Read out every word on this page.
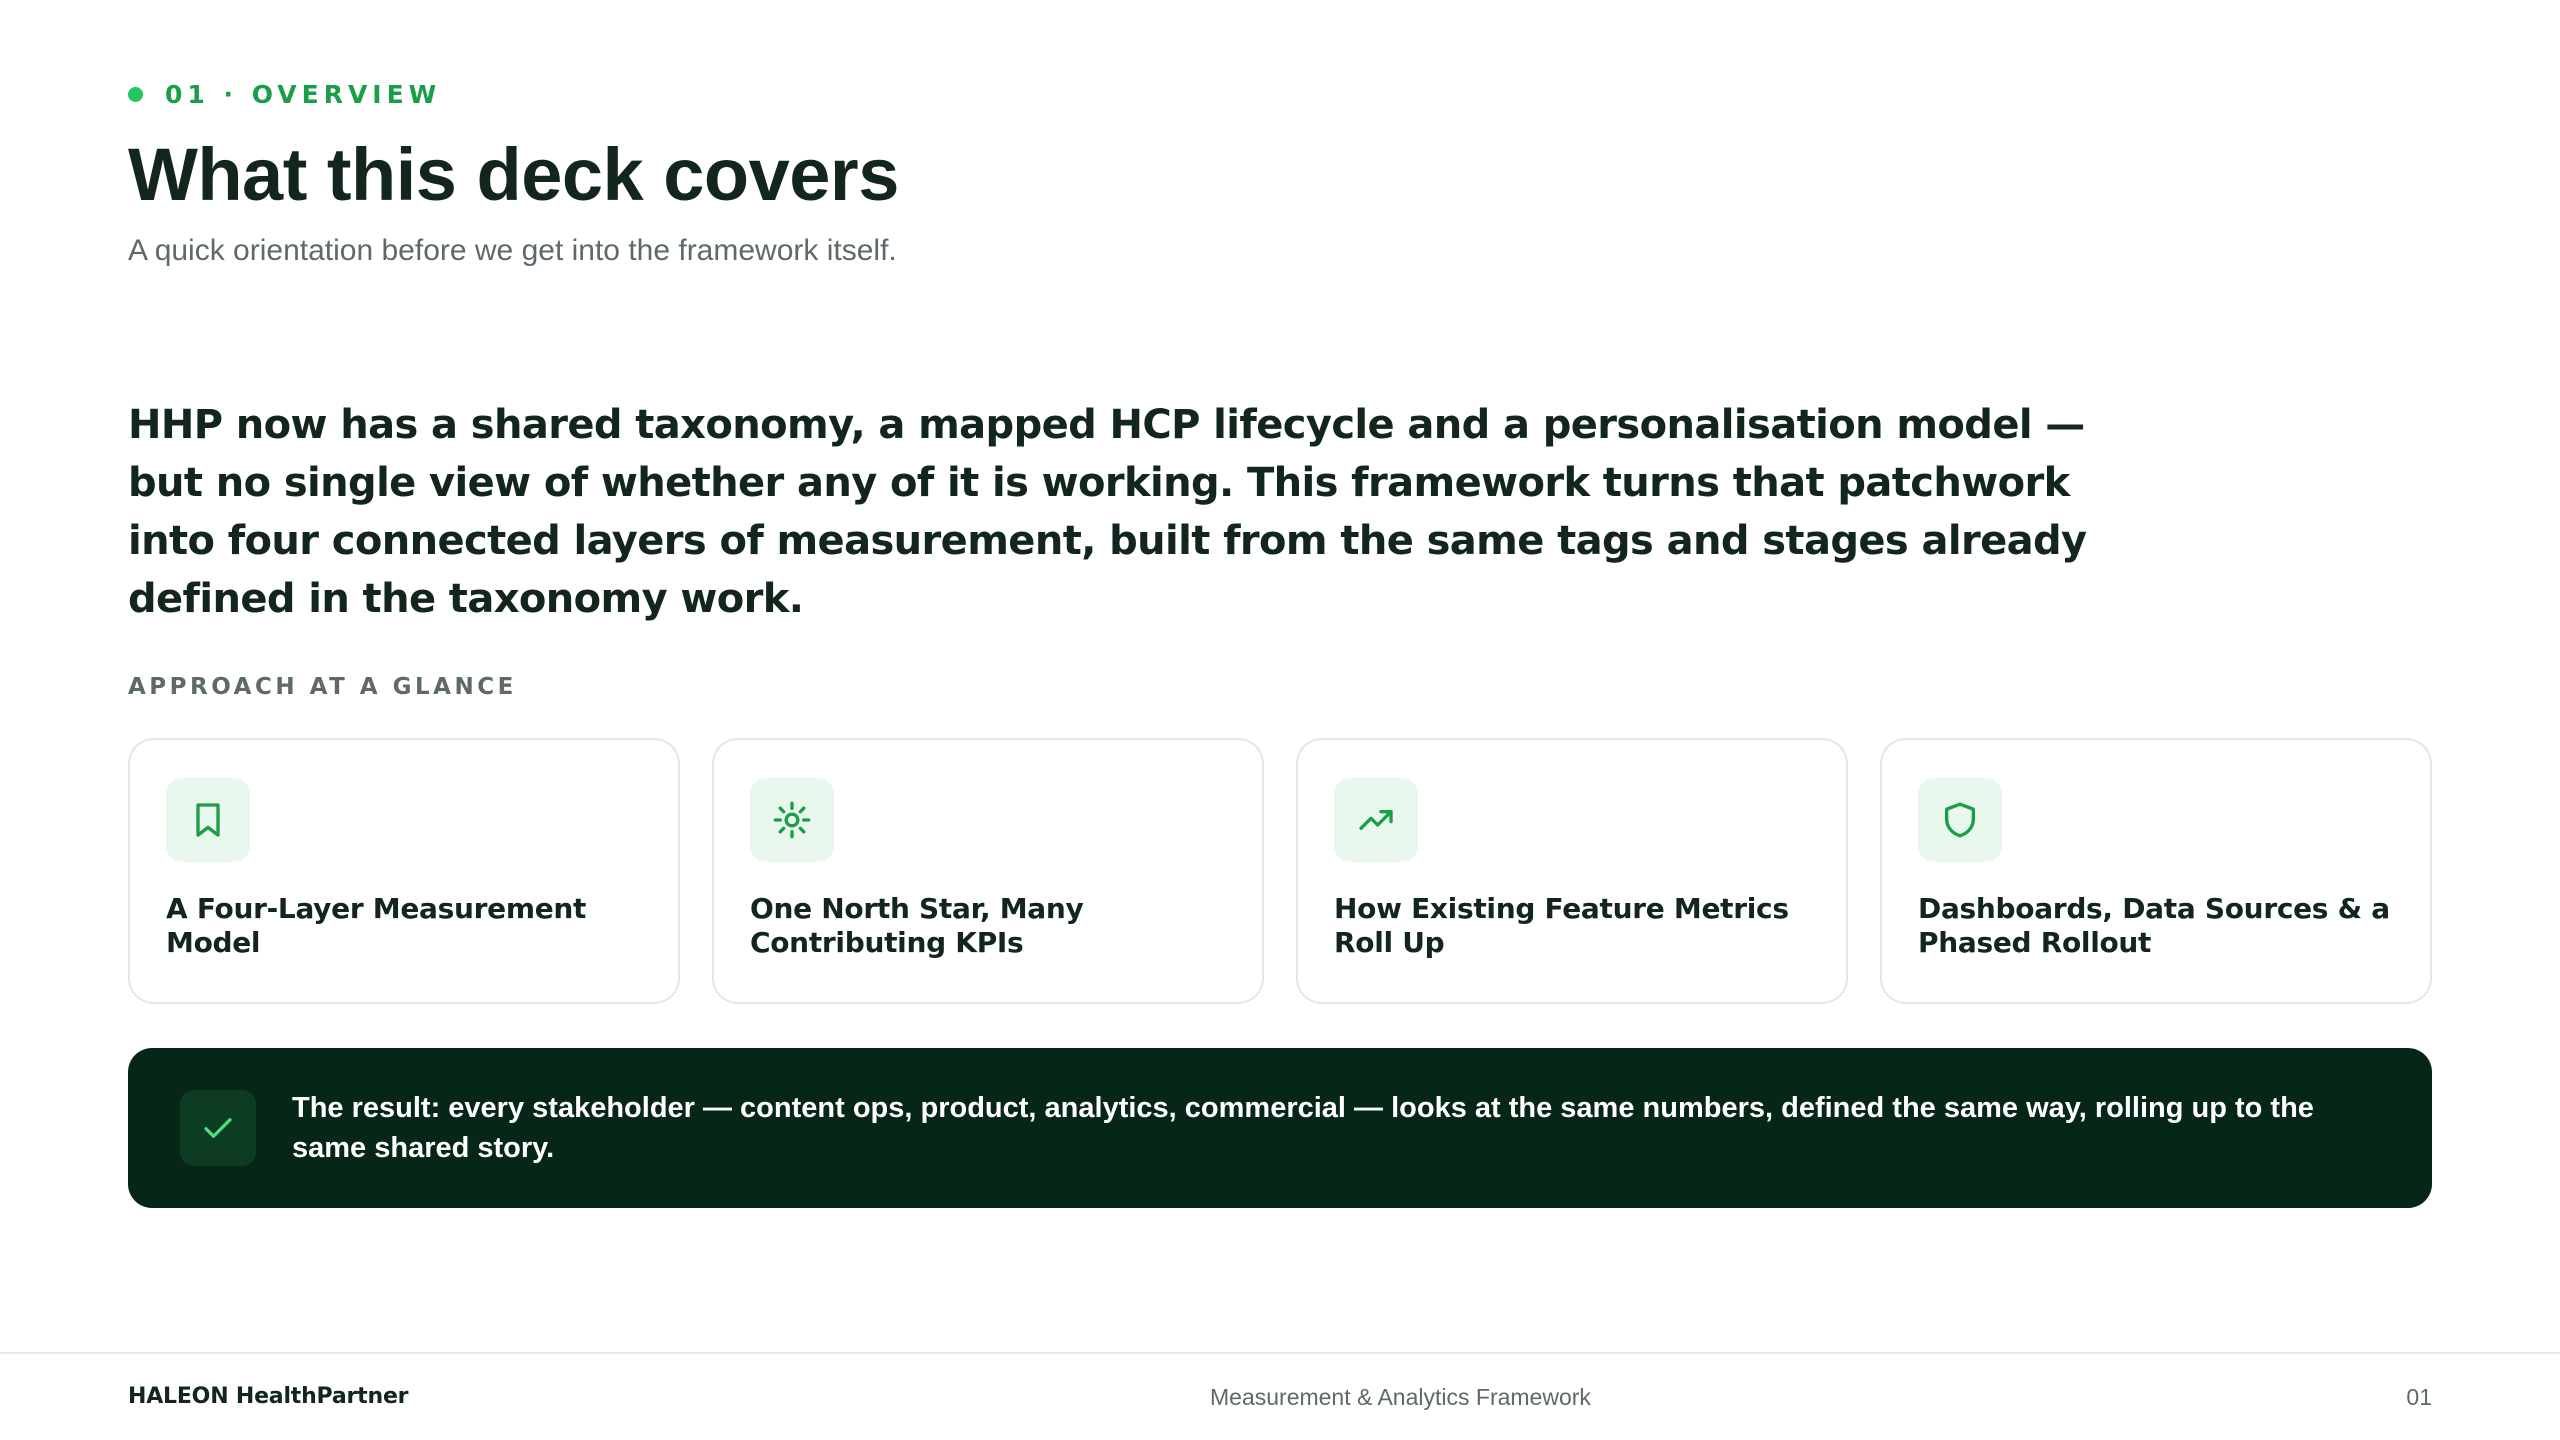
01 · OVERVIEW
What this deck covers
A quick orientation before we get into the framework itself.

HHP now has a shared taxonomy, a mapped HCP lifecycle and a personalisation model — but no single view of whether any of it is working. This framework turns that patchwork into four connected layers of measurement, built from the same tags and stages already defined in the taxonomy work.

APPROACH AT A GLANCE
A Four-Layer Measurement Model
One North Star, Many Contributing KPIs
How Existing Feature Metrics Roll Up
Dashboards, Data Sources & a Phased Rollout
The result: every stakeholder — content ops, product, analytics, commercial — looks at the same numbers, defined the same way, rolling up to the same shared story.
HALEON HealthPartner	Measurement & Analytics Framework	01
